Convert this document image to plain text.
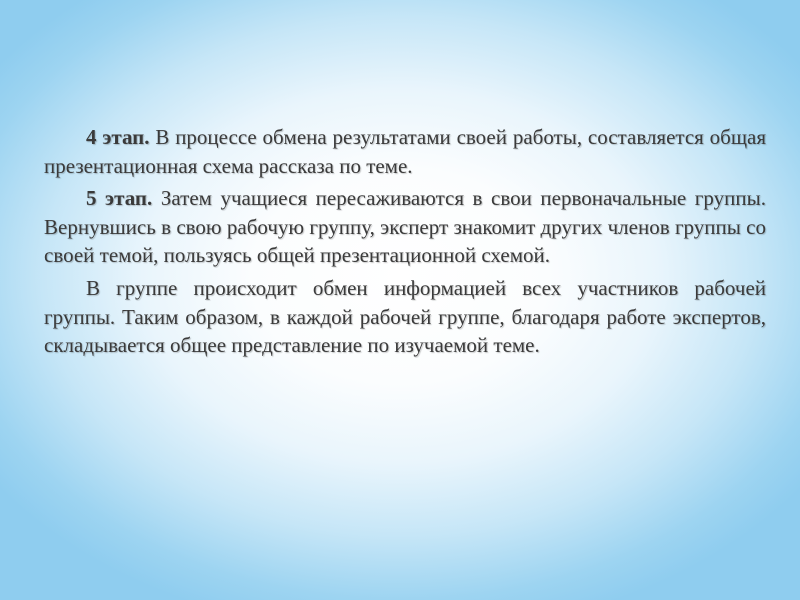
4 этап. В процессе обмена результатами своей работы, составляется общая презентационная схема рассказа по теме.

5 этап. Затем учащиеся пересаживаются в свои первоначальные группы. Вернувшись в свою рабочую группу, эксперт знакомит других членов группы со своей темой, пользуясь общей презентационной схемой.

В группе происходит обмен информацией всех участников рабочей группы. Таким образом, в каждой рабочей группе, благодаря работе экспертов, складывается общее представление по изучаемой теме.
